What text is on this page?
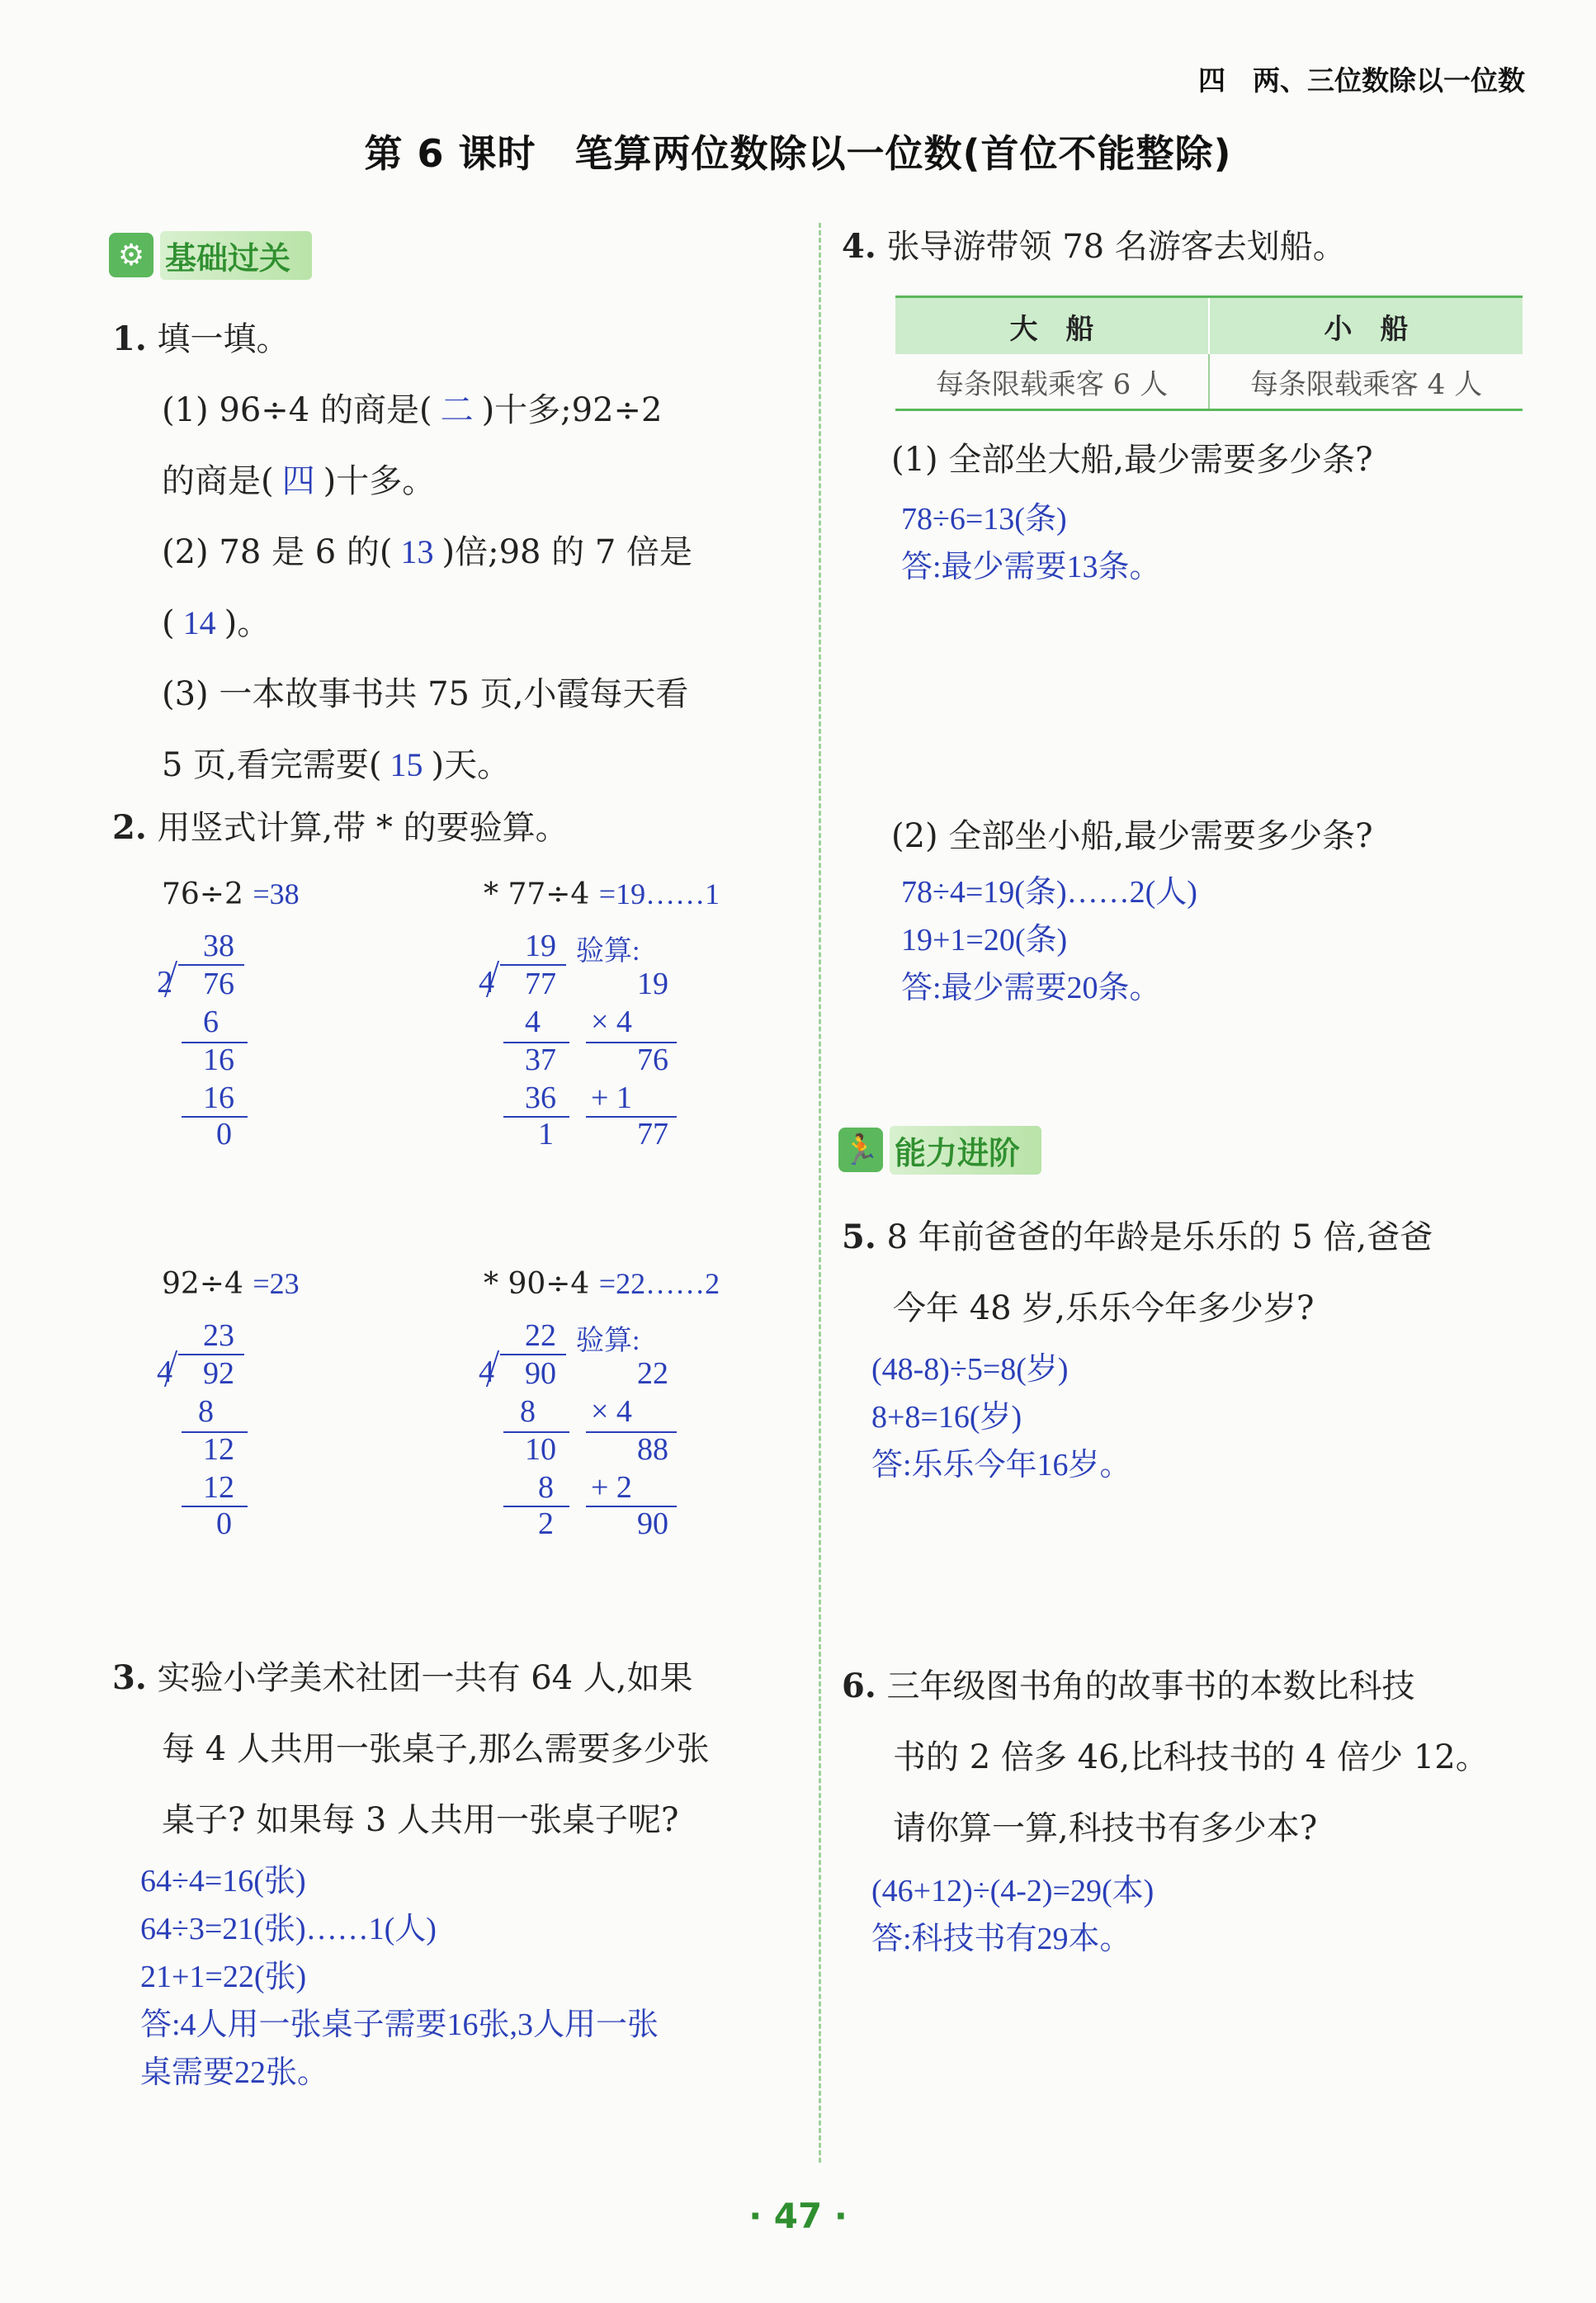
四　两、三位数除以一位数
第 6 课时　笔算两位数除以一位数(首位不能整除)
⚙ 基础过关
1. 填一填。
(1) 96÷4 的商是( 二 )十多;92÷2
的商是( 四 )十多。
(2) 78 是 6 的( 13 )倍;98 的 7 倍是
( 14 )。
(3) 一本故事书共 75 页,小霞每天看
5 页,看完需要( 15 )天。
2. 用竖式计算,带 * 的要验算。
76÷2 =38
38
2 76
6
16
16
0
* 77÷4 =19……1
19 验算:
4 77
4
37
36
1
19
× 4
76
+ 1
77
92÷4 =23
23
4 92
8
12
12
0
* 90÷4 =22……2
22 验算:
4 90
8
10
8
2
22
× 4
88
+ 2
90
3. 实验小学美术社团一共有 64 人,如果
每 4 人共用一张桌子,那么需要多少张
桌子? 如果每 3 人共用一张桌子呢?
64÷4=16(张)
64÷3=21(张)……1(人)
21+1=22(张)
答:4人用一张桌子需要16张,3人用一张
桌需要22张。
4. 张导游带领 78 名游客去划船。
大　船	小　船
每条限载乘客 6 人	每条限载乘客 4 人
(1) 全部坐大船,最少需要多少条?
78÷6=13(条)
答:最少需要13条。
(2) 全部坐小船,最少需要多少条?
78÷4=19(条)……2(人)
19+1=20(条)
答:最少需要20条。
🏃 能力进阶
5. 8 年前爸爸的年龄是乐乐的 5 倍,爸爸
今年 48 岁,乐乐今年多少岁?
(48-8)÷5=8(岁)
8+8=16(岁)
答:乐乐今年16岁。
6. 三年级图书角的故事书的本数比科技
书的 2 倍多 46,比科技书的 4 倍少 12。
请你算一算,科技书有多少本?
(46+12)÷(4-2)=29(本)
答:科技书有29本。
· 47 ·
